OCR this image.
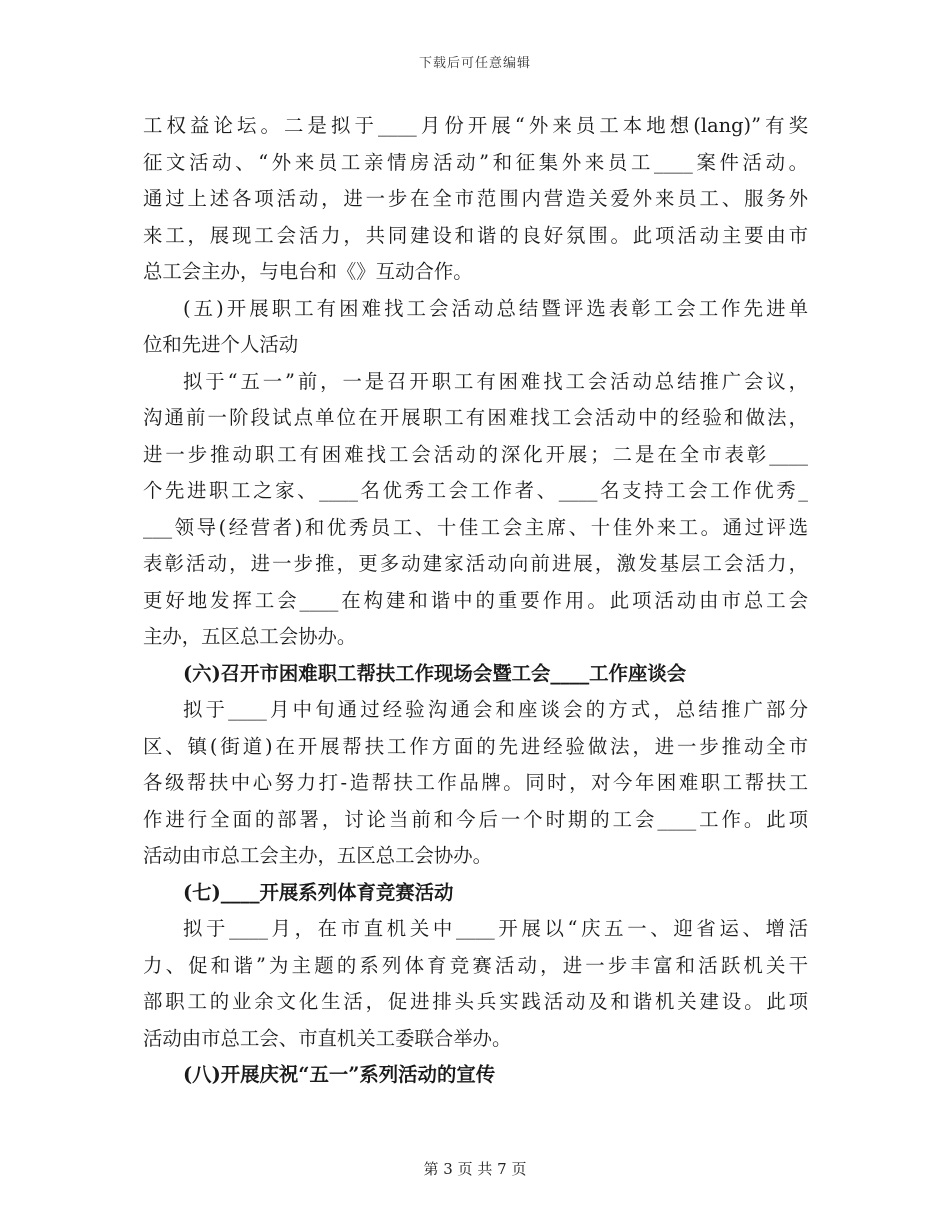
下载后可任意编辑
工权益论坛。二是拟于____月份开展“外来员工本地想(lang)”有奖
征文活动、“外来员工亲情房活动”和征集外来员工____案件活动。
通过上述各项活动，进一步在全市范围内营造关爱外来员工、服务外
来工，展现工会活力，共同建设和谐的良好氛围。此项活动主要由市
总工会主办，与电台和《》互动合作。
(五)开展职工有困难找工会活动总结暨评选表彰工会工作先进单
位和先进个人活动
拟于“五一”前，一是召开职工有困难找工会活动总结推广会议，
沟通前一阶段试点单位在开展职工有困难找工会活动中的经验和做法，
进一步推动职工有困难找工会活动的深化开展；二是在全市表彰____
个先进职工之家、____名优秀工会工作者、____名支持工会工作优秀_
___领导(经营者)和优秀员工、十佳工会主席、十佳外来工。通过评选
表彰活动，进一步推，更多动建家活动向前进展，激发基层工会活力，
更好地发挥工会____在构建和谐中的重要作用。此项活动由市总工会
主办，五区总工会协办。
(六)召开市困难职工帮扶工作现场会暨工会____工作座谈会
拟于____月中旬通过经验沟通会和座谈会的方式，总结推广部分
区、镇(街道)在开展帮扶工作方面的先进经验做法，进一步推动全市
各级帮扶中心努力打-造帮扶工作品牌。同时，对今年困难职工帮扶工
作进行全面的部署，讨论当前和今后一个时期的工会____工作。此项
活动由市总工会主办，五区总工会协办。
(七)____开展系列体育竞赛活动
拟于____月，在市直机关中____开展以“庆五一、迎省运、增活
力、促和谐”为主题的系列体育竞赛活动，进一步丰富和活跃机关干
部职工的业余文化生活，促进排头兵实践活动及和谐机关建设。此项
活动由市总工会、市直机关工委联合举办。
(八)开展庆祝“五一”系列活动的宣传
第 3 页 共 7 页
